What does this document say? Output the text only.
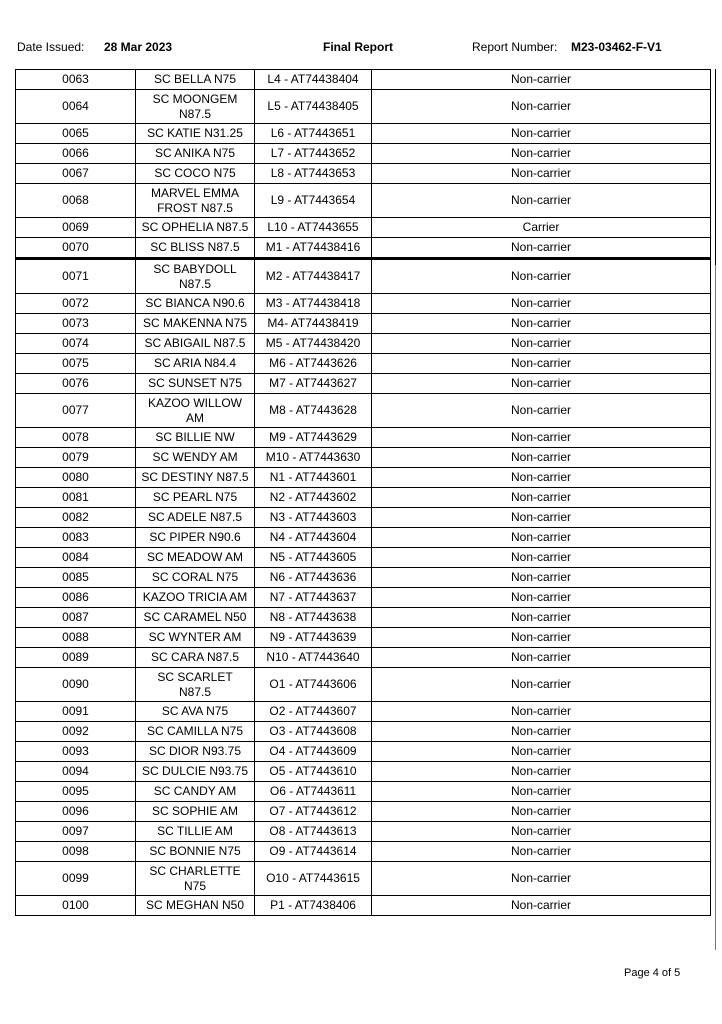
Date Issued: 28 Mar 2023	Final Report	Report Number: M23-03462-F-V1
0063	SC BELLA N75	L4 - AT74438404	Non-carrier
0064	SC MOONGEM
N87.5	L5 - AT74438405	Non-carrier
0065	SC KATIE N31.25	L6 - AT7443651	Non-carrier
0066	SC ANIKA N75	L7 - AT7443652	Non-carrier
0067	SC COCO N75	L8 - AT7443653	Non-carrier
0068	MARVEL EMMA
FROST N87.5	L9 - AT7443654	Non-carrier
0069	SC OPHELIA N87.5	L10 - AT7443655	Carrier
0070	SC BLISS N87.5	M1 - AT74438416	Non-carrier
0071	SC BABYDOLL
N87.5	M2 - AT74438417	Non-carrier
0072	SC BIANCA N90.6	M3 - AT74438418	Non-carrier
0073	SC MAKENNA N75	M4- AT74438419	Non-carrier
0074	SC ABIGAIL N87.5	M5 - AT74438420	Non-carrier
0075	SC ARIA N84.4	M6 - AT7443626	Non-carrier
0076	SC SUNSET N75	M7 - AT7443627	Non-carrier
0077	KAZOO WILLOW
AM	M8 - AT7443628	Non-carrier
0078	SC BILLIE NW	M9 - AT7443629	Non-carrier
0079	SC WENDY AM	M10 - AT7443630	Non-carrier
0080	SC DESTINY N87.5	N1 - AT7443601	Non-carrier
0081	SC PEARL N75	N2 - AT7443602	Non-carrier
0082	SC ADELE N87.5	N3 - AT7443603	Non-carrier
0083	SC PIPER N90.6	N4 - AT7443604	Non-carrier
0084	SC MEADOW AM	N5 - AT7443605	Non-carrier
0085	SC CORAL N75	N6 - AT7443636	Non-carrier
0086	KAZOO TRICIA AM	N7 - AT7443637	Non-carrier
0087	SC CARAMEL N50	N8 - AT7443638	Non-carrier
0088	SC WYNTER AM	N9 - AT7443639	Non-carrier
0089	SC CARA N87.5	N10 - AT7443640	Non-carrier
0090	SC SCARLET
N87.5	O1 - AT7443606	Non-carrier
0091	SC AVA N75	O2 - AT7443607	Non-carrier
0092	SC CAMILLA N75	O3 - AT7443608	Non-carrier
0093	SC DIOR N93.75	O4 - AT7443609	Non-carrier
0094	SC DULCIE N93.75	O5 - AT7443610	Non-carrier
0095	SC CANDY AM	O6 - AT7443611	Non-carrier
0096	SC SOPHIE AM	O7 - AT7443612	Non-carrier
0097	SC TILLIE AM	O8 - AT7443613	Non-carrier
0098	SC BONNIE N75	O9 - AT7443614	Non-carrier
0099	SC CHARLETTE
N75	O10 - AT7443615	Non-carrier
0100	SC MEGHAN N50	P1 - AT7438406	Non-carrier
Page 4 of 5
